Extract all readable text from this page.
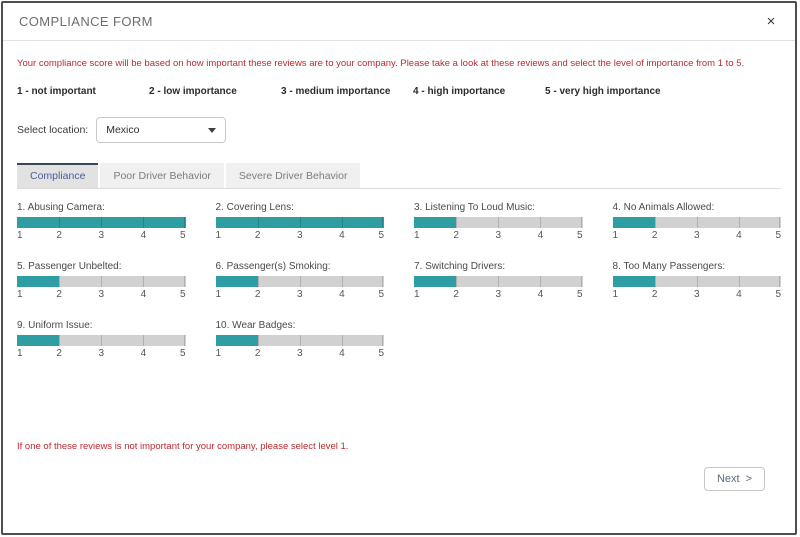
COMPLIANCE FORM	×
Your compliance score will be based on how important these reviews are to your company. Please take a look at these reviews and select the level of importance from 1 to 5.
1 - not important	2 - low importance	3 - medium importance	4 - high importance	5 - very high importance
Select location: Mexico
Compliance	Poor Driver Behavior	Severe Driver Behavior
1. Abusing Camera:
1	2	3	4	5
2. Covering Lens:
1	2	3	4	5
3. Listening To Loud Music:
1	2	3	4	5
4. No Animals Allowed:
1	2	3	4	5
5. Passenger Unbelted:
1	2	3	4	5
6. Passenger(s) Smoking:
1	2	3	4	5
7. Switching Drivers:
1	2	3	4	5
8. Too Many Passengers:
1	2	3	4	5
9. Uniform Issue:
1	2	3	4	5
10. Wear Badges:
1	2	3	4	5
If one of these reviews is not important for your company, please select level 1.
Next >
